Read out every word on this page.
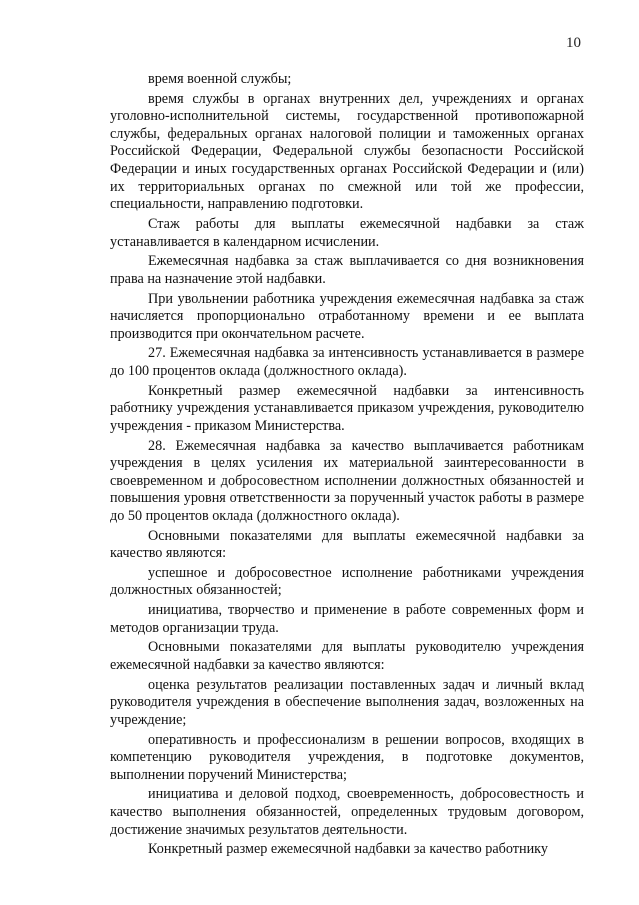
10

время военной службы;

время службы в органах внутренних дел, учреждениях и органах уголовно-исполнительной системы, государственной противопожарной службы, федеральных органах налоговой полиции и таможенных органах Российской Федерации, Федеральной службы безопасности Российской Федерации и иных государственных органах Российской Федерации и (или) их территориальных органах по смежной или той же профессии, специальности, направлению подготовки.

Стаж работы для выплаты ежемесячной надбавки за стаж устанавливается в календарном исчислении.

Ежемесячная надбавка за стаж выплачивается со дня возникновения права на назначение этой надбавки.

При увольнении работника учреждения ежемесячная надбавка за стаж начисляется пропорционально отработанному времени и ее выплата производится при окончательном расчете.

27. Ежемесячная надбавка за интенсивность устанавливается в размере до 100 процентов оклада (должностного оклада).

Конкретный размер ежемесячной надбавки за интенсивность работнику учреждения устанавливается приказом учреждения, руководителю учреждения - приказом Министерства.

28. Ежемесячная надбавка за качество выплачивается работникам учреждения в целях усиления их материальной заинтересованности в своевременном и добросовестном исполнении должностных обязанностей и повышения уровня ответственности за порученный участок работы в размере до 50 процентов оклада (должностного оклада).

Основными показателями для выплаты ежемесячной надбавки за качество являются:

успешное и добросовестное исполнение работниками учреждения должностных обязанностей;

инициатива, творчество и применение в работе современных форм и методов организации труда.

Основными показателями для выплаты руководителю учреждения ежемесячной надбавки за качество являются:

оценка результатов реализации поставленных задач и личный вклад руководителя учреждения в обеспечение выполнения задач, возложенных на учреждение;

оперативность и профессионализм в решении вопросов, входящих в компетенцию руководителя учреждения, в подготовке документов, выполнении поручений Министерства;

инициатива и деловой подход, своевременность, добросовестность и качество выполнения обязанностей, определенных трудовым договором, достижение значимых результатов деятельности.

Конкретный размер ежемесячной надбавки за качество работнику
